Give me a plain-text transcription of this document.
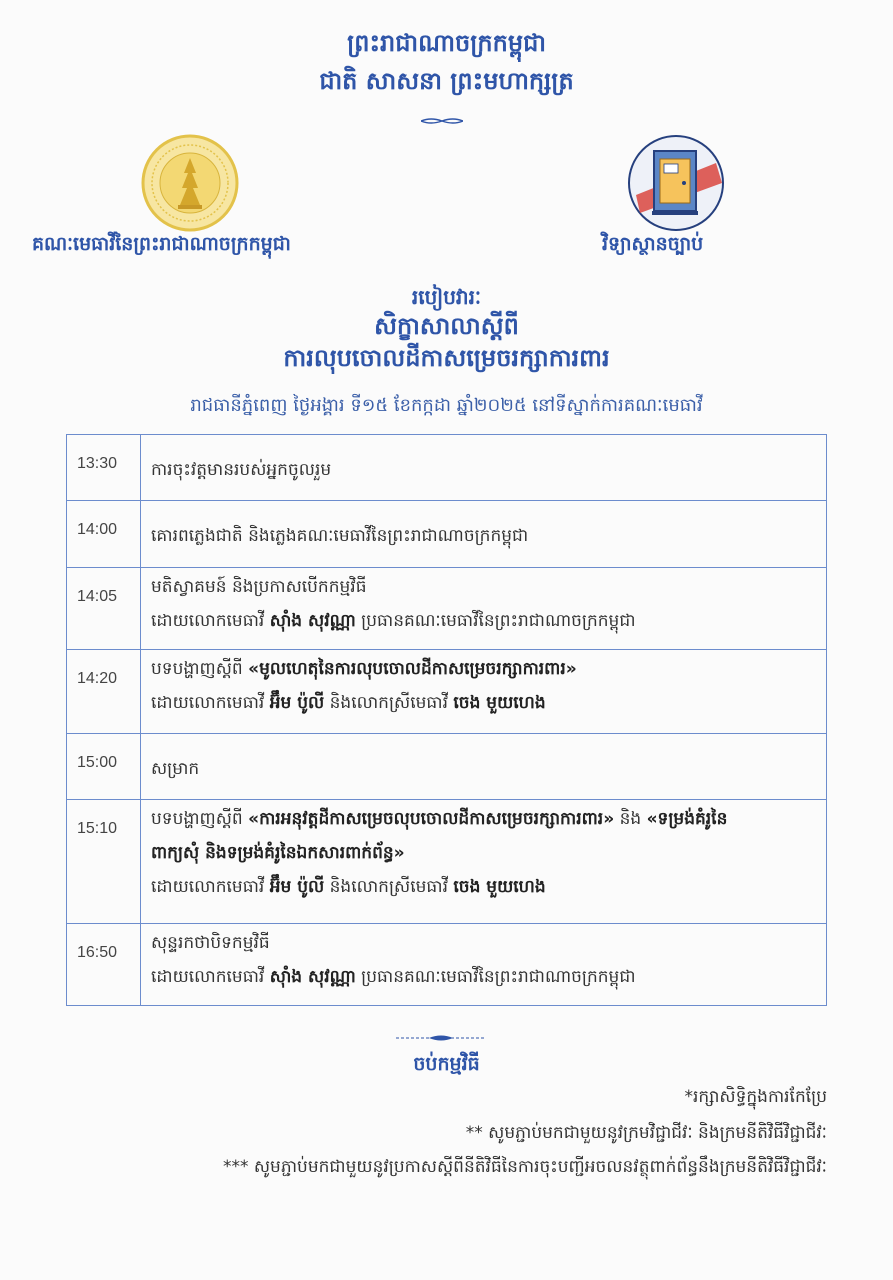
ព្រះរាជាណាចក្រកម្ពុជា
ជាតិ សាសនា ព្រះមហាក្សត្រ
គណៈមេធាវីនៃព្រះរាជាណាចក្រកម្ពុជា	វិទ្យាស្ថានច្បាប់
របៀបវារៈ
សិក្ខាសាលាស្តីពី
ការលុបចោលដីកាសម្រេចរក្សាការពារ
រាជធានីភ្នំពេញ ថ្ងៃអង្គារ ទី១៥ ខែកក្កដា ឆ្នាំ២០២៥ នៅទីស្នាក់ការគណៈមេធាវី
13:30	ការចុះវត្តមានរបស់អ្នកចូលរួម

14:00	គោរពភ្លេងជាតិ និងភ្លេងគណៈមេធាវីនៃព្រះរាជាណាចក្រកម្ពុជា

14:05	មតិស្វាគមន៍ និងប្រកាសបើកកម្មវិធី
ដោយលោកមេធាវី ស៊ាំង សុវណ្ណា ប្រធានគណៈមេធាវីនៃព្រះរាជាណាចក្រកម្ពុជា

14:20	បទបង្ហាញស្តីពី «មូលហេតុនៃការលុបចោលដីកាសម្រេចរក្សាការពារ»
ដោយលោកមេធាវី អ៊ឹម ប៉ូលី និងលោកស្រីមេធាវី ចេង មួយហេង

15:00	សម្រាក

15:10	បទបង្ហាញស្តីពី «ការអនុវត្តដីកាសម្រេចលុបចោលដីកាសម្រេចរក្សាការពារ» និង «ទម្រង់គំរូនៃ
ពាក្យសុំ និងទម្រង់គំរូនៃឯកសារពាក់ព័ន្ធ»
ដោយលោកមេធាវី អ៊ឹម ប៉ូលី និងលោកស្រីមេធាវី ចេង មួយហេង

16:50	សុន្ទរកថាបិទកម្មវិធី
ដោយលោកមេធាវី ស៊ាំង សុវណ្ណា ប្រធានគណៈមេធាវីនៃព្រះរាជាណាចក្រកម្ពុជា
ចប់កម្មវិធី
*រក្សាសិទ្ធិក្នុងការកែប្រែ
** សូមភ្ជាប់មកជាមួយនូវក្រមវិជ្ជាជីវៈ និងក្រមនីតិវិធីវិជ្ជាជីវៈ
*** សូមភ្ជាប់មកជាមួយនូវប្រកាសស្តីពីនីតិវិធីនៃការចុះបញ្ជីអចលនវត្ថុពាក់ព័ន្ធនឹងក្រមនីតិវិធីវិជ្ជាជីវៈ
